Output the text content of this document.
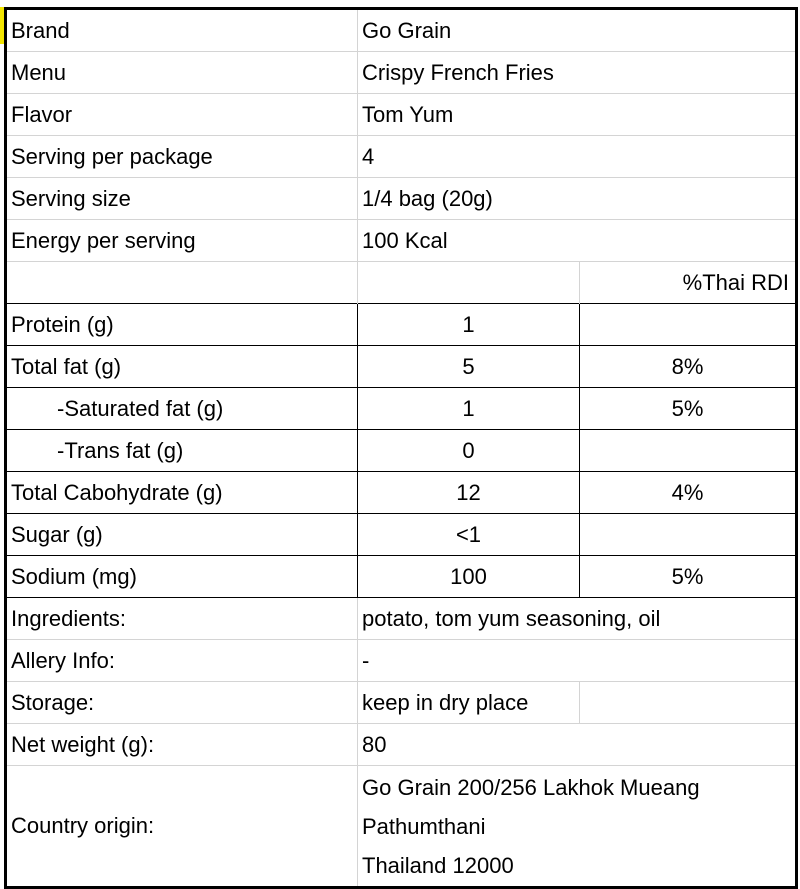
Brand	Go Grain	
Menu	Crispy French Fries	
Flavor	Tom Yum	
Serving per package	4	
Serving size	1/4 bag (20g)	
Energy per serving	100 Kcal	
		%Thai RDI
Protein (g)	1	
Total fat (g)	5	8%
-Saturated fat (g)	1	5%
-Trans fat (g)	0	
Total Cabohydrate (g)	12	4%
Sugar (g)	<1	
Sodium (mg)	100	5%
Ingredients:	potato, tom yum seasoning, oil	
Allery Info:	-	
Storage:	keep in dry place	
Net weight (g):	80	
Country origin:	Go Grain 200/256 Lakhok Mueang
Pathumthani
Thailand 12000	
